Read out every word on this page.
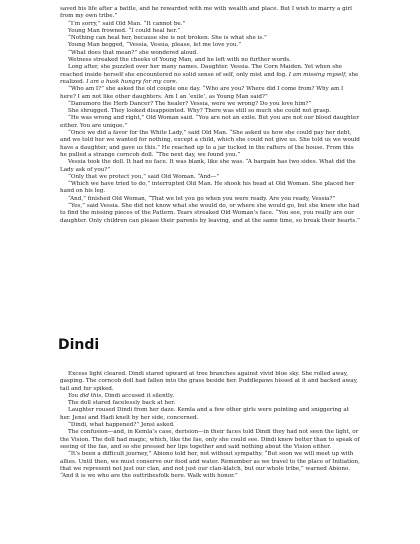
saved his life after a battle, and he rewarded with me with wealth and place. But I wish to marry a girl from my own tribe.”

“I’m sorry,” said Old Man. “It cannot be.”

Young Man frowned. “I could heal her.”

“Nothing can heal her, because she is not broken. She is what she is.”

Young Man begged, “Vessia, Vessia, please, let me love you.”

“What does that mean?” she wondered aloud.

Wetness streaked the cheeks of Young Man, and he left with no further words.

Long after, she puzzled over her many names. Daughter. Vessia. The Corn Maiden. Yet when she reached inside herself she encountered no solid sense of self, only mist and fog. I am missing myself, she realized. I am a husk hungry for my core.

“Who am I?” she asked the old couple one day. “Who are you? Where did I come from? Why am I here? I am not like other daughters. Am I an ‘exile’, as Young Man said?”

“Danumoro the Herb Dancer? The healer? Vessia, were we wrong? Do you love him?”

She shrugged. They looked disappointed. Why? There was still so much she could not grasp.

“He was wrong and right,” Old Woman said. “You are not an exile. But you are not our blood daughter either. You are unique.”

“Once we did a favor for the White Lady,” said Old Man. “She asked us how she could pay her debt, and we told her we wanted for nothing, except a child, which she could not give us. She told us we would have a daughter, and gave us this.” He reached up to a jar tucked in the rafters of the house. From this he pulled a strange corncob doll. “The next day, we found you.”

Vessia took the doll. It had no face. It was blank, like she was. “A bargain has two sides. What did the Lady ask of you?”

“Only that we protect you,” said Old Woman. “And—”

“Which we have tried to do,” interrupted Old Man. He shook his head at Old Woman. She placed her hand on his leg.

“And,” finished Old Woman, “That we let you go when you were ready. Are you ready, Vessia?”

“Yes,” said Vessia. She did not know what she would do, or where she would go, but she knew she had to find the missing pieces of the Pattern. Tears streaked Old Woman’s face. “You see, you really are our daughter. Only children can please their parents by leaving, and at the same time, so break their hearts.”

Dindi

Excess light cleared. Dindi stared upward at tree branches against vivid blue sky. She rolled away, gasping. The corncob doll had fallen into the grass beside her. Puddlepaws hissed at it and backed away, tail and fur spiked.

You did this, Dindi accused it silently.

The doll stared facelessly back at her.

Laughter roused Dindi from her daze. Kemla and a few other girls were pointing and sniggering at her. Jensi and Hadi knelt by her side, concerned.

“Dindi, what happened?” Jensi asked.

The confusion—and, in Kemla’s case, derision—in their faces told Dindi they had not seen the light, or the Vision. The doll had magic, which, like the fae, only she could see. Dindi knew better than to speak of seeing of the fae, and so she pressed her lips together and said nothing about the Vision either.

“It’s been a difficult journey,” Abiono told her, not without sympathy. “But soon we will meet up with allies. Until then, we must conserve our food and water. Remember as we travel to the place of Initiation, that we represent not just our clan, and not just our clan-klatch, but our whole tribe,” warned Abiono. “And it is we who are the outtribesfolk here. Walk with honor.”
